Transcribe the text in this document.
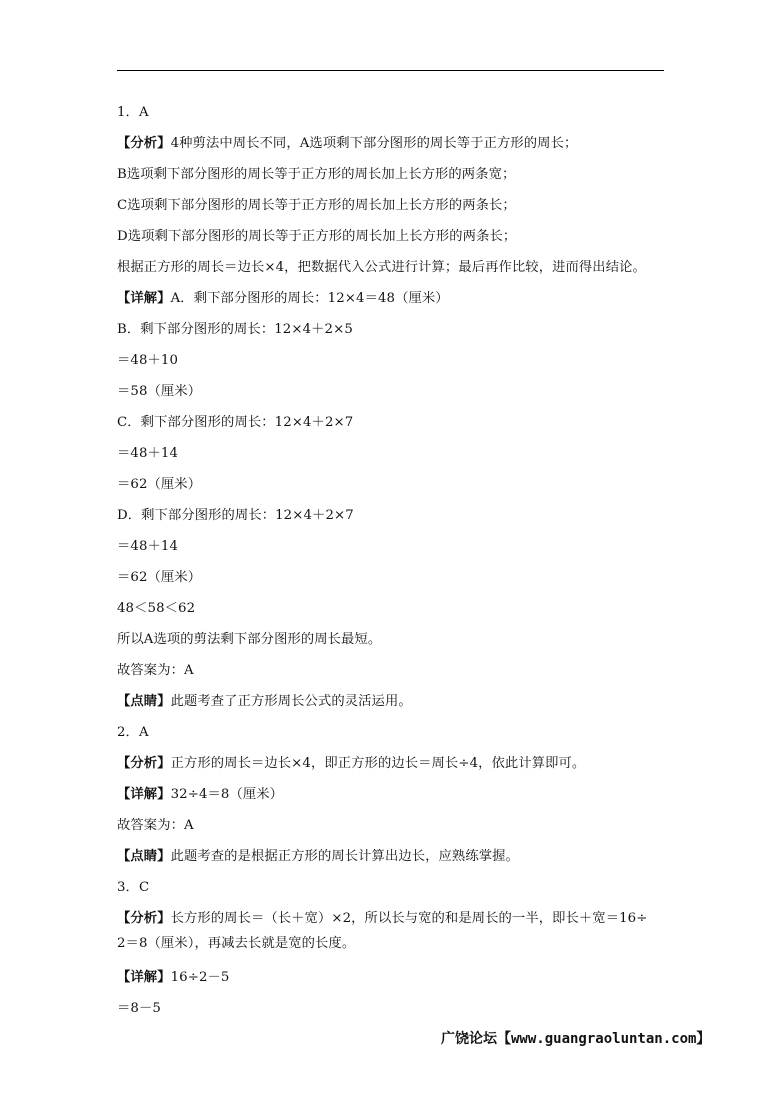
1．A
【分析】4种剪法中周长不同，A选项剩下部分图形的周长等于正方形的周长；
B选项剩下部分图形的周长等于正方形的周长加上长方形的两条宽；
C选项剩下部分图形的周长等于正方形的周长加上长方形的两条长；
D选项剩下部分图形的周长等于正方形的周长加上长方形的两条长；
根据正方形的周长＝边长×4，把数据代入公式进行计算；最后再作比较，进而得出结论。
【详解】A．剩下部分图形的周长：12×4＝48（厘米）
B．剩下部分图形的周长：12×4＋2×5
＝48＋10
＝58（厘米）
C．剩下部分图形的周长：12×4＋2×7
＝48＋14
＝62（厘米）
D．剩下部分图形的周长：12×4＋2×7
＝48＋14
＝62（厘米）
48＜58＜62
所以A选项的剪法剩下部分图形的周长最短。
故答案为：A
【点睛】此题考查了正方形周长公式的灵活运用。
2．A
【分析】正方形的周长＝边长×4，即正方形的边长＝周长÷4，依此计算即可。
【详解】32÷4＝8（厘米）
故答案为：A
【点睛】此题考查的是根据正方形的周长计算出边长，应熟练掌握。
3．C
【分析】长方形的周长＝（长＋宽）×2，所以长与宽的和是周长的一半，即长＋宽＝16÷
2＝8（厘米），再减去长就是宽的长度。
【详解】16÷2－5
＝8－5
广饶论坛【www.guangraoluntan.com】
